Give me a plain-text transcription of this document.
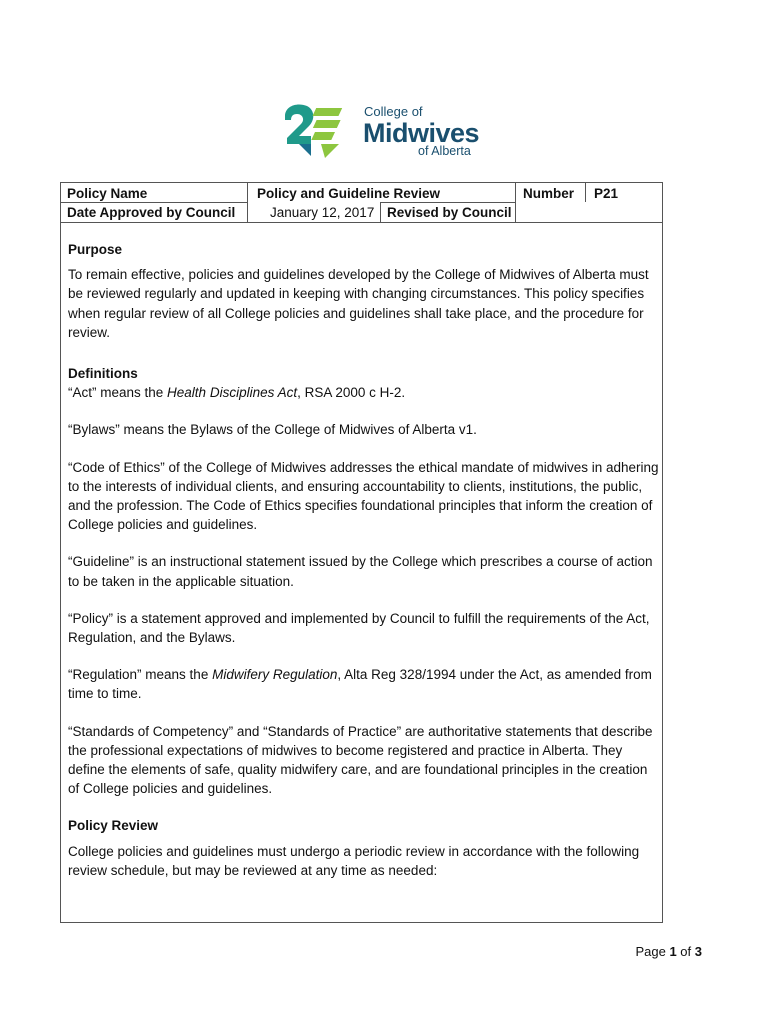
College of
Midwives
of Alberta
Policy Name	Policy and Guideline Review	Number P21
Date Approved by Council	January 12, 2017 Revised by Council
Purpose

To remain effective, policies and guidelines developed by the College of Midwives of Alberta must be reviewed regularly and updated in keeping with changing circumstances. This policy specifies when regular review of all College policies and guidelines shall take place, and the procedure for review.

Definitions

“Act” means the Health Disciplines Act, RSA 2000 c H-2.

“Bylaws” means the Bylaws of the College of Midwives of Alberta v1.

“Code of Ethics” of the College of Midwives addresses the ethical mandate of midwives in adhering to the interests of individual clients, and ensuring accountability to clients, institutions, the public, and the profession. The Code of Ethics specifies foundational principles that inform the creation of College policies and guidelines.

“Guideline” is an instructional statement issued by the College which prescribes a course of action to be taken in the applicable situation.

“Policy” is a statement approved and implemented by Council to fulfill the requirements of the Act, Regulation, and the Bylaws.

“Regulation” means the Midwifery Regulation, Alta Reg 328/1994 under the Act, as amended from time to time.

“Standards of Competency” and “Standards of Practice” are authoritative statements that describe the professional expectations of midwives to become registered and practice in Alberta. They define the elements of safe, quality midwifery care, and are foundational principles in the creation of College policies and guidelines.

Policy Review

College policies and guidelines must undergo a periodic review in accordance with the following review schedule, but may be reviewed at any time as needed:

Page 1 of 3
